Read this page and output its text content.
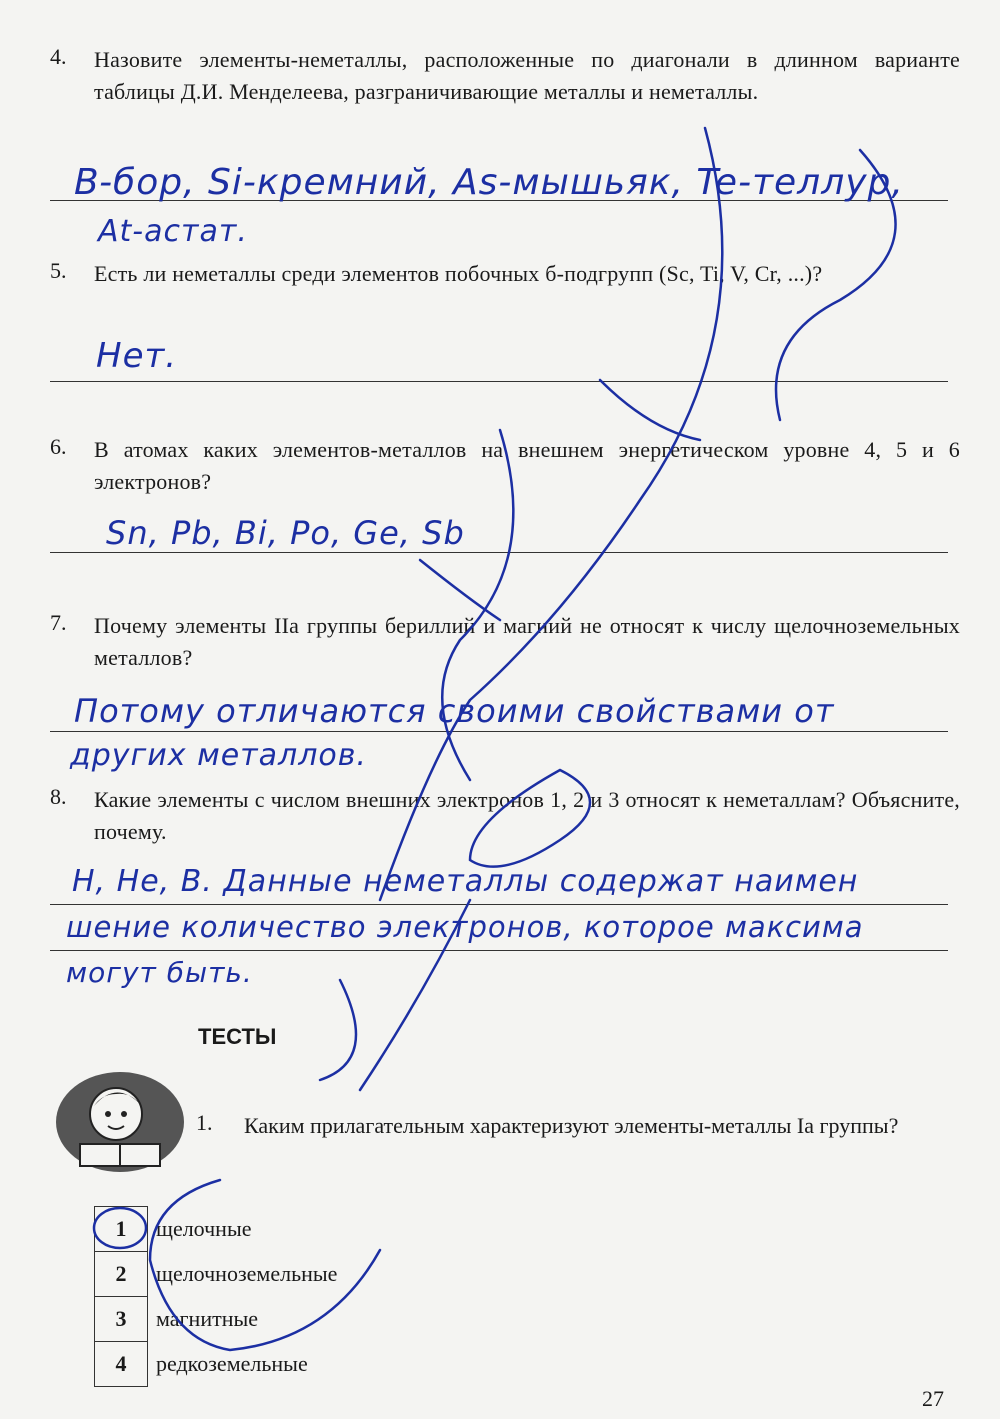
4. Назовите элементы-неметаллы, расположенные по диагонали в длинном варианте таблицы Д.И. Менделеева, разграничивающие металлы и неметаллы.
B-бор, Si-кремний, As-мышьяк, Te-теллур,
At-астат.
5. Есть ли неметаллы среди элементов побочных б-подгрупп (Sc, Ti, V, Cr, ...)?
Нет.
6. В атомах каких элементов-металлов на внешнем энергетическом уровне 4, 5 и 6 электронов?
Sn, Pb, Bi, Po, Ge, Sb
7. Почему элементы IIa группы бериллий и магний не относят к числу щелочноземельных металлов?
Потому отличаются своими свойствами от
других металлов.
8. Какие элементы с числом внешних электронов 1, 2 и 3 относят к неметаллам? Объясните, почему.
H, He, B. Данные неметаллы содержат наимен
шение количество электронов, которое максима
могут быть.
ТЕСТЫ
1. Каким прилагательным характеризуют элементы-металлы Ia группы?
1	щелочные
2	щелочноземельные
3	магнитные
4	редкоземельные
27
